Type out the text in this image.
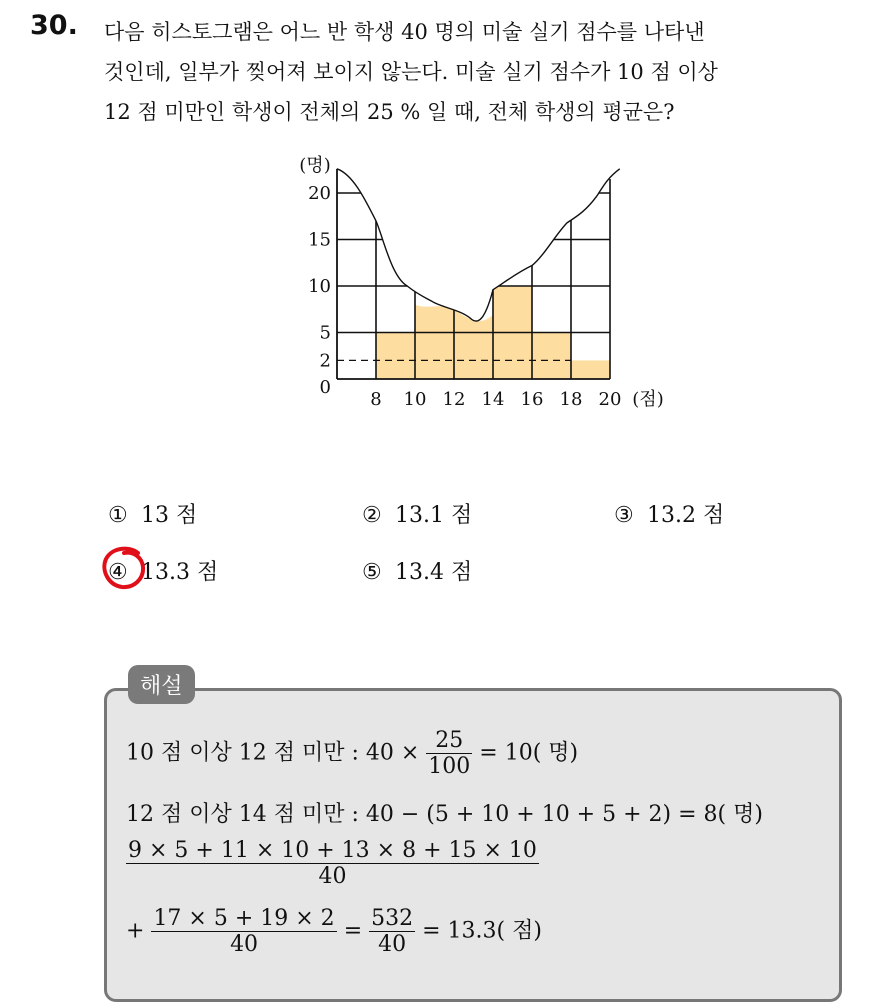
30. 다음 히스토그램은 어느 반 학생 40 명의 미술 실기 점수를 나타낸
것인데, 일부가 찢어져 보이지 않는다. 미술 실기 점수가 10 점 이상
12 점 미만인 학생이 전체의 25 % 일 때, 전체 학생의 평균은?
0
2
5
10
15
20
8 10 12 14 16 18 20
(명)
(점)
① 13 점	② 13.1 점	③ 13.2 점
④ 13.3 점	⑤ 13.4 점
해설
10 점 이상 12 점 미만 : $40 \times \frac{25}{100} = 10$( 명)
12 점 이상 14 점 미만 : 40 − (5 + 10 + 10 + 5 + 2) = 8( 명)
$\frac{9 \times 5 + 11 \times 10 + 13 \times 8 + 15 \times 10}{40}$
+ $\frac{17 \times 5 + 19 \times 2}{40} = \frac{532}{40} = 13.3$( 점)
